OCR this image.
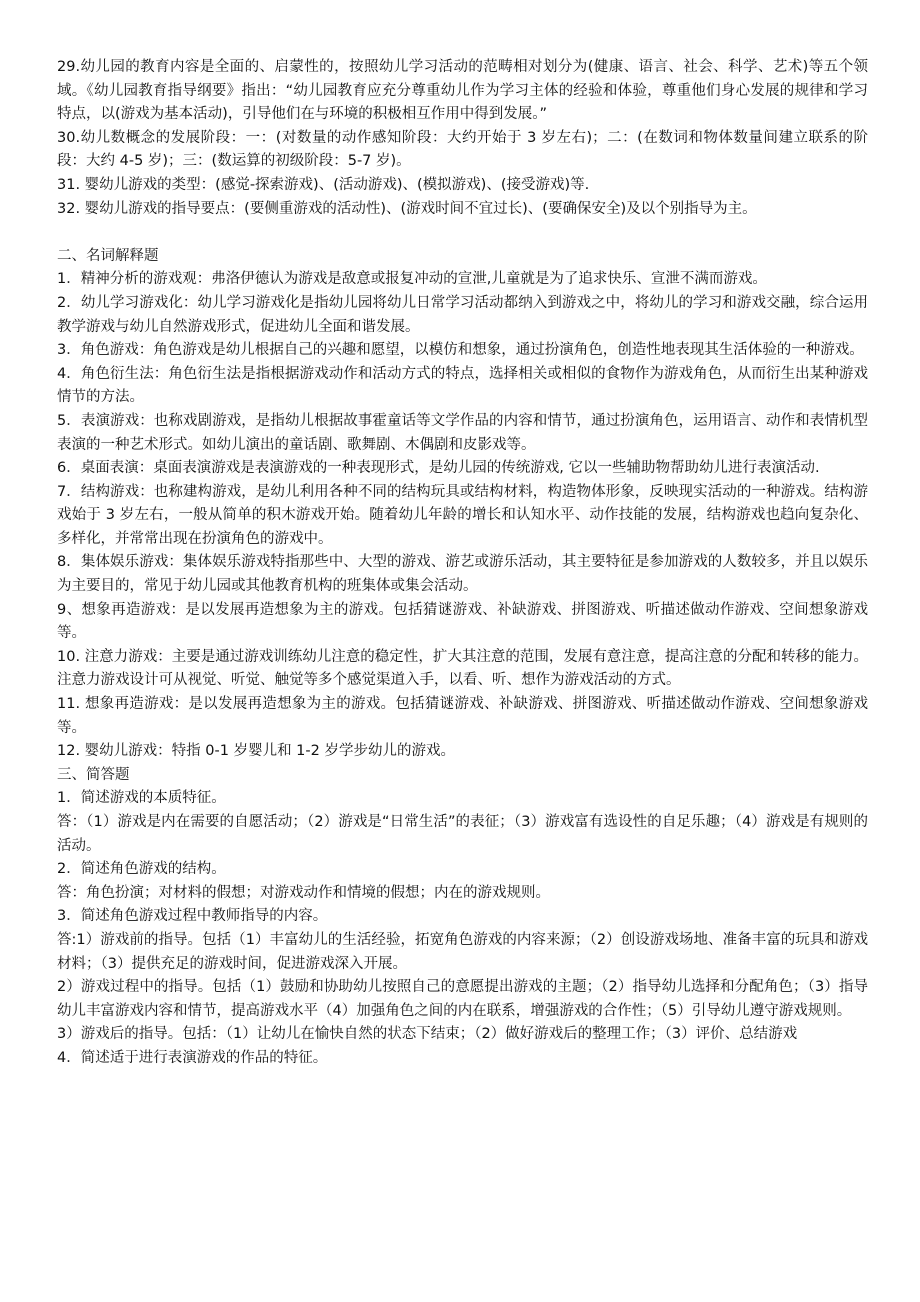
29.幼儿园的教育内容是全面的、启蒙性的，按照幼儿学习活动的范畴相对划分为(健康、语言、社会、科学、艺术)等五个领域。《幼儿园教育指导纲要》指出：“幼儿园教育应充分尊重幼儿作为学习主体的经验和体验，尊重他们身心发展的规律和学习特点，以(游戏为基本活动)，引导他们在与环境的积极相互作用中得到发展。”

30.幼儿数概念的发展阶段：一：(对数量的动作感知阶段：大约开始于 3 岁左右)；二：(在数词和物体数量间建立联系的阶段：大约 4-5 岁)；三：(数运算的初级阶段：5-7 岁)。

31. 婴幼儿游戏的类型：(感觉-探索游戏)、(活动游戏)、(模拟游戏)、(接受游戏)等.

32. 婴幼儿游戏的指导要点：(要侧重游戏的活动性)、(游戏时间不宜过长)、(要确保安全)及以个别指导为主。

二、名词解释题

1．精神分析的游戏观：弗洛伊德认为游戏是敌意或报复冲动的宣泄,儿童就是为了追求快乐、宣泄不满而游戏。

2．幼儿学习游戏化：幼儿学习游戏化是指幼儿园将幼儿日常学习活动都纳入到游戏之中，将幼儿的学习和游戏交融，综合运用教学游戏与幼儿自然游戏形式，促进幼儿全面和谐发展。

3．角色游戏：角色游戏是幼儿根据自己的兴趣和愿望，以模仿和想象，通过扮演角色，创造性地表现其生活体验的一种游戏。

4．角色衍生法：角色衍生法是指根据游戏动作和活动方式的特点，选择相关或相似的食物作为游戏角色，从而衍生出某种游戏情节的方法。

5．表演游戏：也称戏剧游戏，是指幼儿根据故事霍童话等文学作品的内容和情节，通过扮演角色，运用语言、动作和表情机型表演的一种艺术形式。如幼儿演出的童话剧、歌舞剧、木偶剧和皮影戏等。

6．桌面表演：桌面表演游戏是表演游戏的一种表现形式，是幼儿园的传统游戏, 它以一些辅助物帮助幼儿进行表演活动.

7．结构游戏：也称建构游戏，是幼儿利用各种不同的结构玩具或结构材料，构造物体形象，反映现实活动的一种游戏。结构游戏始于 3 岁左右，一般从简单的积木游戏开始。随着幼儿年龄的增长和认知水平、动作技能的发展，结构游戏也趋向复杂化、多样化，并常常出现在扮演角色的游戏中。

8．集体娱乐游戏：集体娱乐游戏特指那些中、大型的游戏、游艺或游乐活动，其主要特征是参加游戏的人数较多，并且以娱乐为主要目的，常见于幼儿园或其他教育机构的班集体或集会活动。

9、想象再造游戏：是以发展再造想象为主的游戏。包括猜谜游戏、补缺游戏、拼图游戏、听描述做动作游戏、空间想象游戏等。

10. 注意力游戏：主要是通过游戏训练幼儿注意的稳定性，扩大其注意的范围，发展有意注意，提高注意的分配和转移的能力。注意力游戏设计可从视觉、听觉、触觉等多个感觉渠道入手，以看、听、想作为游戏活动的方式。

11. 想象再造游戏：是以发展再造想象为主的游戏。包括猜谜游戏、补缺游戏、拼图游戏、听描述做动作游戏、空间想象游戏等。

12. 婴幼儿游戏：特指 0-1 岁婴儿和 1-2 岁学步幼儿的游戏。

三、简答题

1．简述游戏的本质特征。

答：（1）游戏是内在需要的自愿活动；（2）游戏是“日常生活”的表征；（3）游戏富有选设性的自足乐趣；（4）游戏是有规则的活动。

2．简述角色游戏的结构。

答：角色扮演；对材料的假想；对游戏动作和情境的假想；内在的游戏规则。

3．简述角色游戏过程中教师指导的内容。

答:1）游戏前的指导。包括（1）丰富幼儿的生活经验，拓宽角色游戏的内容来源；（2）创设游戏场地、准备丰富的玩具和游戏材料；（3）提供充足的游戏时间，促进游戏深入开展。

2）游戏过程中的指导。包括（1）鼓励和协助幼儿按照自己的意愿提出游戏的主题；（2）指导幼儿选择和分配角色；（3）指导幼儿丰富游戏内容和情节，提高游戏水平（4）加强角色之间的内在联系，增强游戏的合作性；（5）引导幼儿遵守游戏规则。

3）游戏后的指导。包括：（1）让幼儿在愉快自然的状态下结束；（2）做好游戏后的整理工作；（3）评价、总结游戏

4．简述适于进行表演游戏的作品的特征。
